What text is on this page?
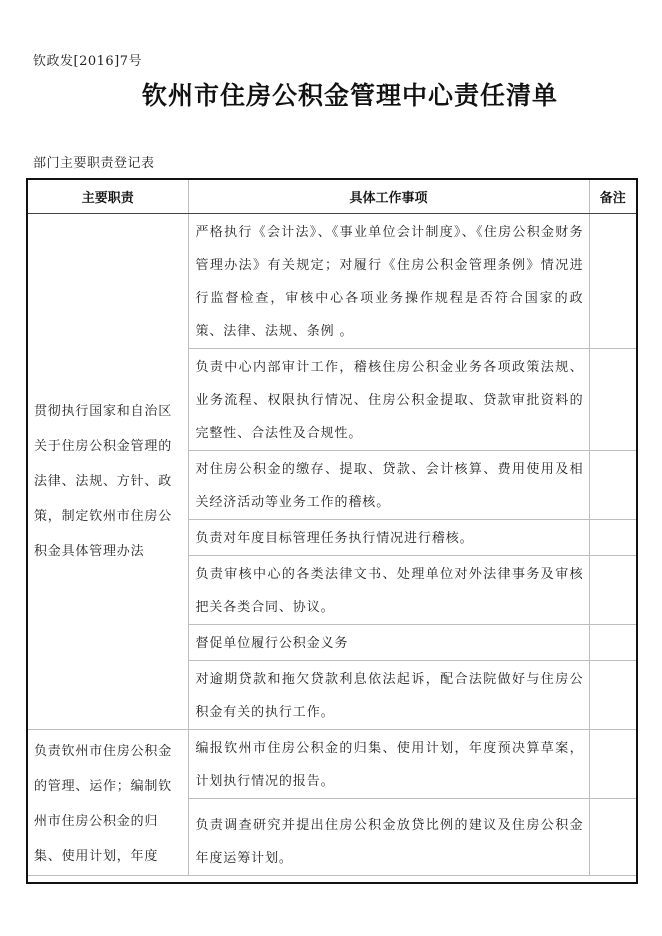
钦政发[2016]7号
钦州市住房公积金管理中心责任清单
部门主要职责登记表
主要职责	具体工作事项	备注

贯彻执行国家和自治区关于住房公积金管理的法律、法规、方针、政策，制定钦州市住房公积金具体管理办法	严格执行《会计法》、《事业单位会计制度》、《住房公积金财务管理办法》有关规定；对履行《住房公积金管理条例》情况进行监督检查，审核中心各项业务操作规程是否符合国家的政策、法律、法规、条例 。	

	负责中心内部审计工作，稽核住房公积金业务各项政策法规、业务流程、权限执行情况、住房公积金提取、贷款审批资料的完整性、合法性及合规性。	

	对住房公积金的缴存、提取、贷款、会计核算、费用使用及相关经济活动等业务工作的稽核。	

	负责对年度目标管理任务执行情况进行稽核。	

	负责审核中心的各类法律文书、处理单位对外法律事务及审核把关各类合同、协议。	

	督促单位履行公积金义务	

	对逾期贷款和拖欠贷款利息依法起诉，配合法院做好与住房公积金有关的执行工作。	

负责钦州市住房公积金的管理、运作；编制钦州市住房公积金的归集、使用计划，年度	编报钦州市住房公积金的归集、使用计划，年度预决算草案，计划执行情况的报告。	

	负责调查研究并提出住房公积金放贷比例的建议及住房公积金年度运筹计划。	
